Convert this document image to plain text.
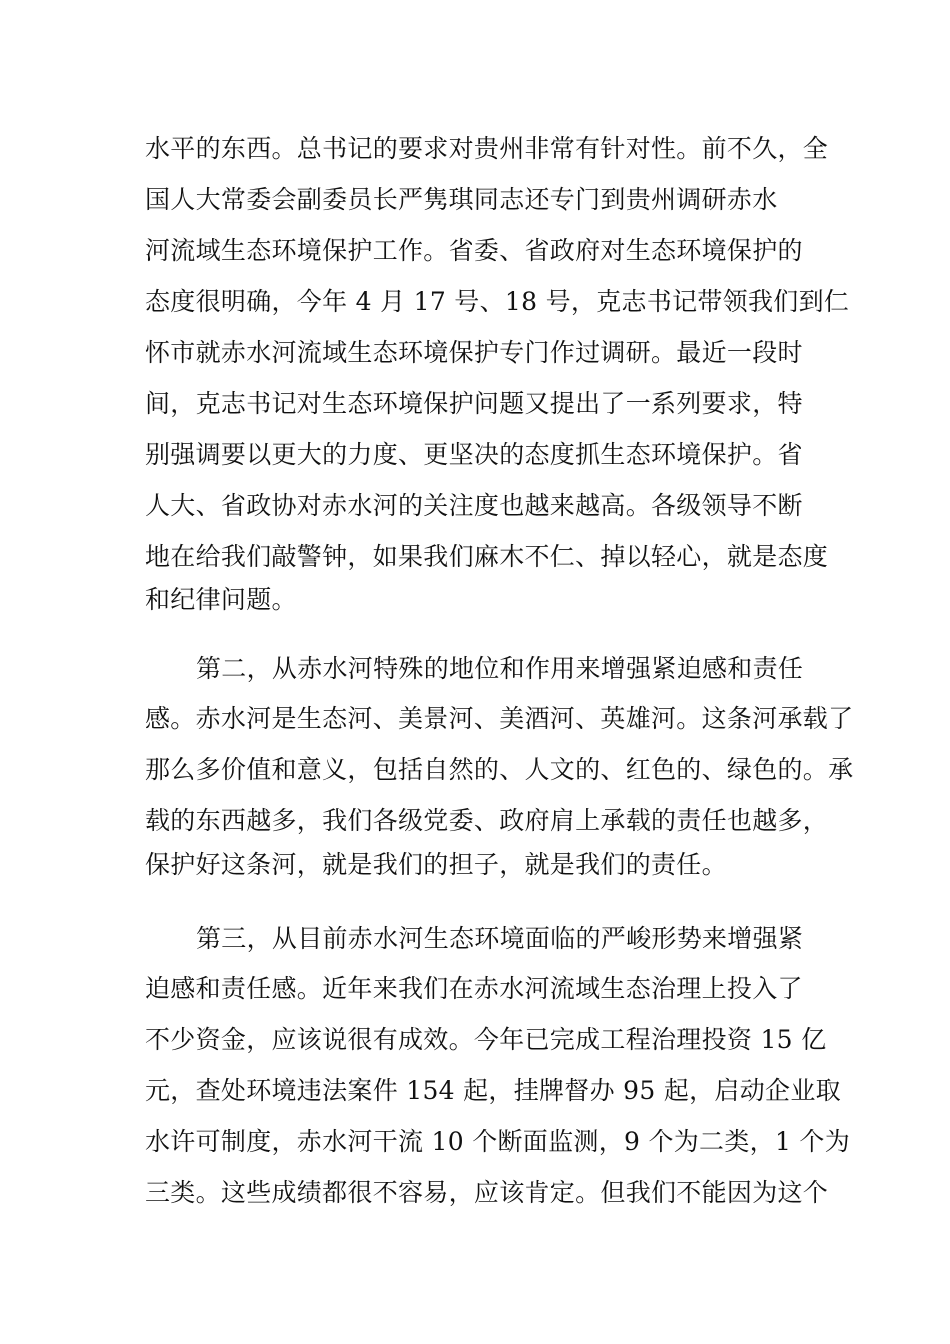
水平的东西。总书记的要求对贵州非常有针对性。前不久，全
国人大常委会副委员长严隽琪同志还专门到贵州调研赤水
河流域生态环境保护工作。省委、省政府对生态环境保护的
态度很明确，今年 4 月 17 号、18 号，克志书记带领我们到仁
怀市就赤水河流域生态环境保护专门作过调研。最近一段时
间，克志书记对生态环境保护问题又提出了一系列要求，特
别强调要以更大的力度、更坚决的态度抓生态环境保护。省
人大、省政协对赤水河的关注度也越来越高。各级领导不断
地在给我们敲警钟，如果我们麻木不仁、掉以轻心，就是态度
和纪律问题。
第二，从赤水河特殊的地位和作用来增强紧迫感和责任
感。赤水河是生态河、美景河、美酒河、英雄河。这条河承载了
那么多价值和意义，包括自然的、人文的、红色的、绿色的。承
载的东西越多，我们各级党委、政府肩上承载的责任也越多，
保护好这条河，就是我们的担子，就是我们的责任。
第三，从目前赤水河生态环境面临的严峻形势来增强紧
迫感和责任感。近年来我们在赤水河流域生态治理上投入了
不少资金，应该说很有成效。今年已完成工程治理投资 15 亿
元，查处环境违法案件 154 起，挂牌督办 95 起，启动企业取
水许可制度，赤水河干流 10 个断面监测，9 个为二类，1 个为
三类。这些成绩都很不容易，应该肯定。但我们不能因为这个
